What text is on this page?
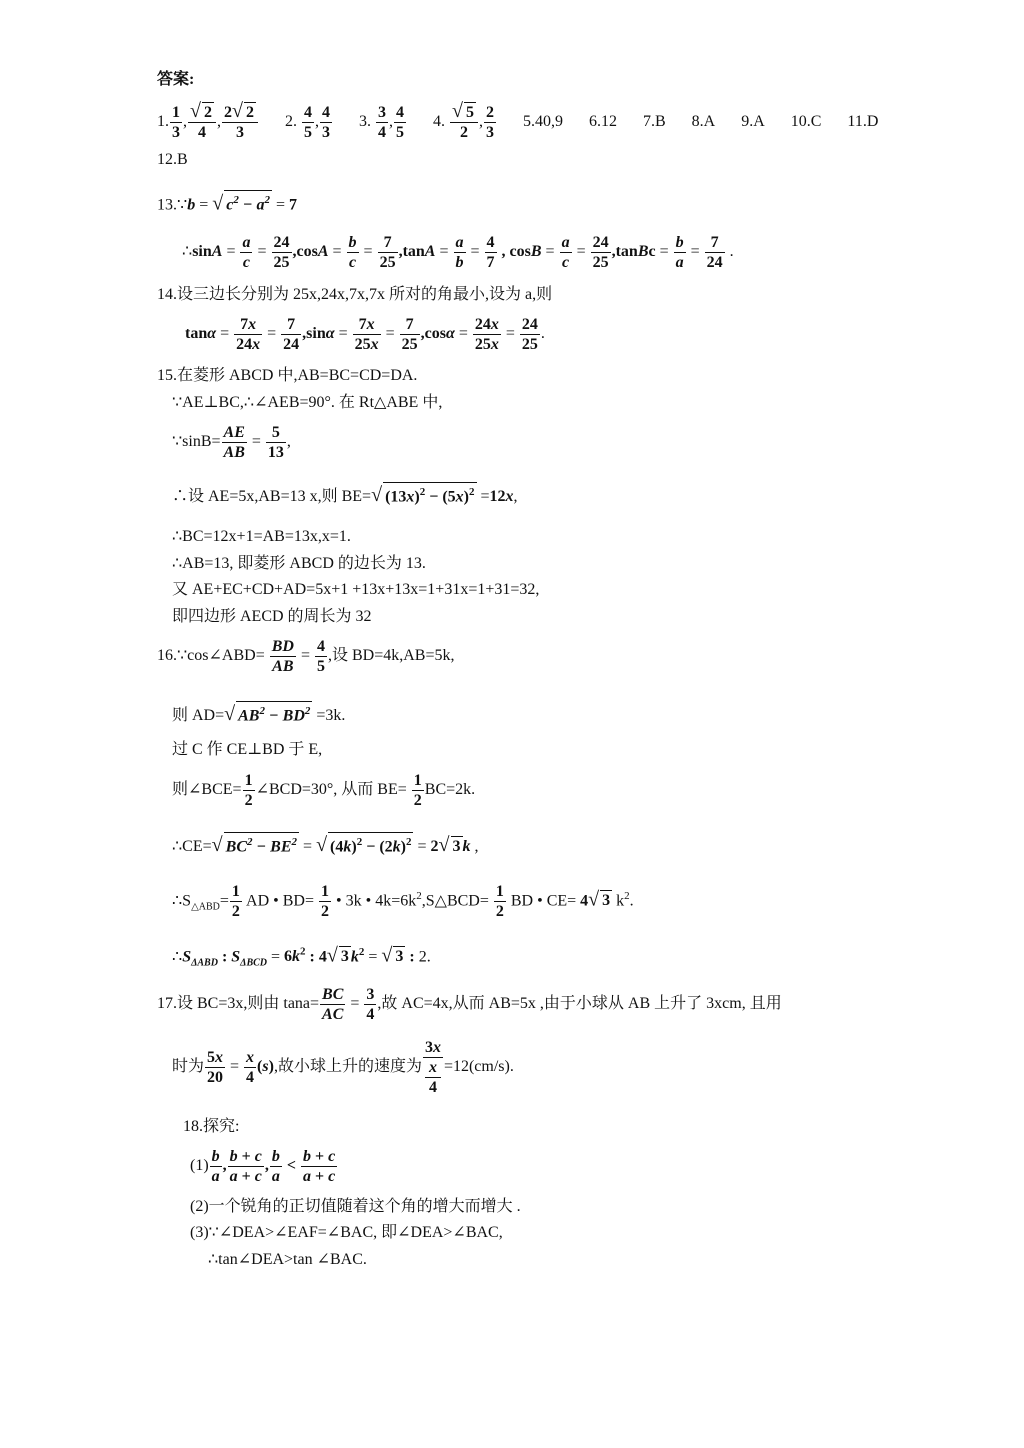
答案:
1. $\frac{1}{3}$ , $\frac{√ 2}{4}$ , $\frac{2√ 2}{3} 2$. $\frac{4}{5}$ , $\frac{4}{3} 3$. $\frac{3}{4}$ , $\frac{4}{5} 4$. $\frac{√ 5}{2}$ , $\frac{2}{3} 5.40,9$ 6.12 7.B 8.A 9.A 10.C 11.D
12.B
13.∵b = √ $c^2 - a^2 = 7$
∴sinA = $\frac{a}{c} = \frac{24}{25} ,\cos A = \frac{b}{c} = \frac{7}{25} ,\tan A = \frac{a}{b} = \frac{4}{7}$ , $\cos B = \frac{a}{c} = \frac{24}{25}$ ,tanBc = $\frac{b}{a} = \frac{7}{24}$ .
14.设三边长分别为 25x,24x,7x,7x 所对的角最小,设为 a,则
$\tan\alpha = \frac{7x}{24x} = \frac{7}{24} ,\sin\alpha = \frac{7x}{25x} = \frac{7}{25} ,\cos\alpha = \frac{24x}{25x} = \frac{24}{25}$ .
15.在菱形 ABCD 中,AB=BC=CD=DA.
∵AE⊥BC,∴∠AEB=90°. 在 Rt△ABE 中,
∵sinB= $\frac{AE}{AB} = \frac{5}{13}$ ,
∴设 AE=5x,AB=13 x,则 BE=√ $(13x)^2 - (5x)^2 =12x$,
∴BC=12x+1=AB=13x,x=1.
∴AB=13, 即菱形 ABCD 的边长为 13.
又 AE+EC+CD+AD=5x+1 +13x+13x=1+31x=1+31=32,
即四边形 AECD 的周长为 32
16.∵cos∠ABD= $\frac{BD}{AB} = \frac{4}{5}$ ,设 BD=4k,AB=5k,
则 AD=√ $AB^2 - BD^2 =3k$.
过 C 作 CE⊥BD 于 E,
则∠BCE= $\frac{1}{2}$ ∠BCD=30°, 从而 $BE= \frac{1}{2} BC=2k$.
∴CE=√ $BC^2 - BE^2$ = √ $(4k)^2 - (2k)^2 = 2√$ 3 k ,
$\therefore S_{\triangle ABD}= \frac{1}{2}$ AD • $BD= \frac{1}{2}$ • 3k • $4k=6k^2,S\triangle BCD= \frac{1}{2}$ BD • CE= 4√ 3 $k^2$.
$\therefore S_{\Delta ABD}$ : $S_{\Delta BCD} = 6k^2$ : 4√ 3 $k^2$ = √ 3 : 2.
17.设 BC=3x,则由 $\tan a= \frac{BC}{AC} = \frac{3}{4}$ ,故 AC=4x,从而 AB=5x ,由于小球从 AB 上升了 3xcm, 且用
时为 $\frac{5x}{20} = \frac{x}{4} (s)$,故小球上升的速度为 3x
x
4 =12(cm/s).
18.探究:
$(1) \frac{b}{a}$ , $\frac{b + c}{a + c}$ , $\frac{b}{a} < \frac{b + c}{a + c}$
(2)一个锐角的正切值随着这个角的增大而增大 .
(3)∵∠DEA>∠EAF=∠BAC, 即∠DEA>∠BAC,
∴tan∠DEA>tan ∠BAC.
